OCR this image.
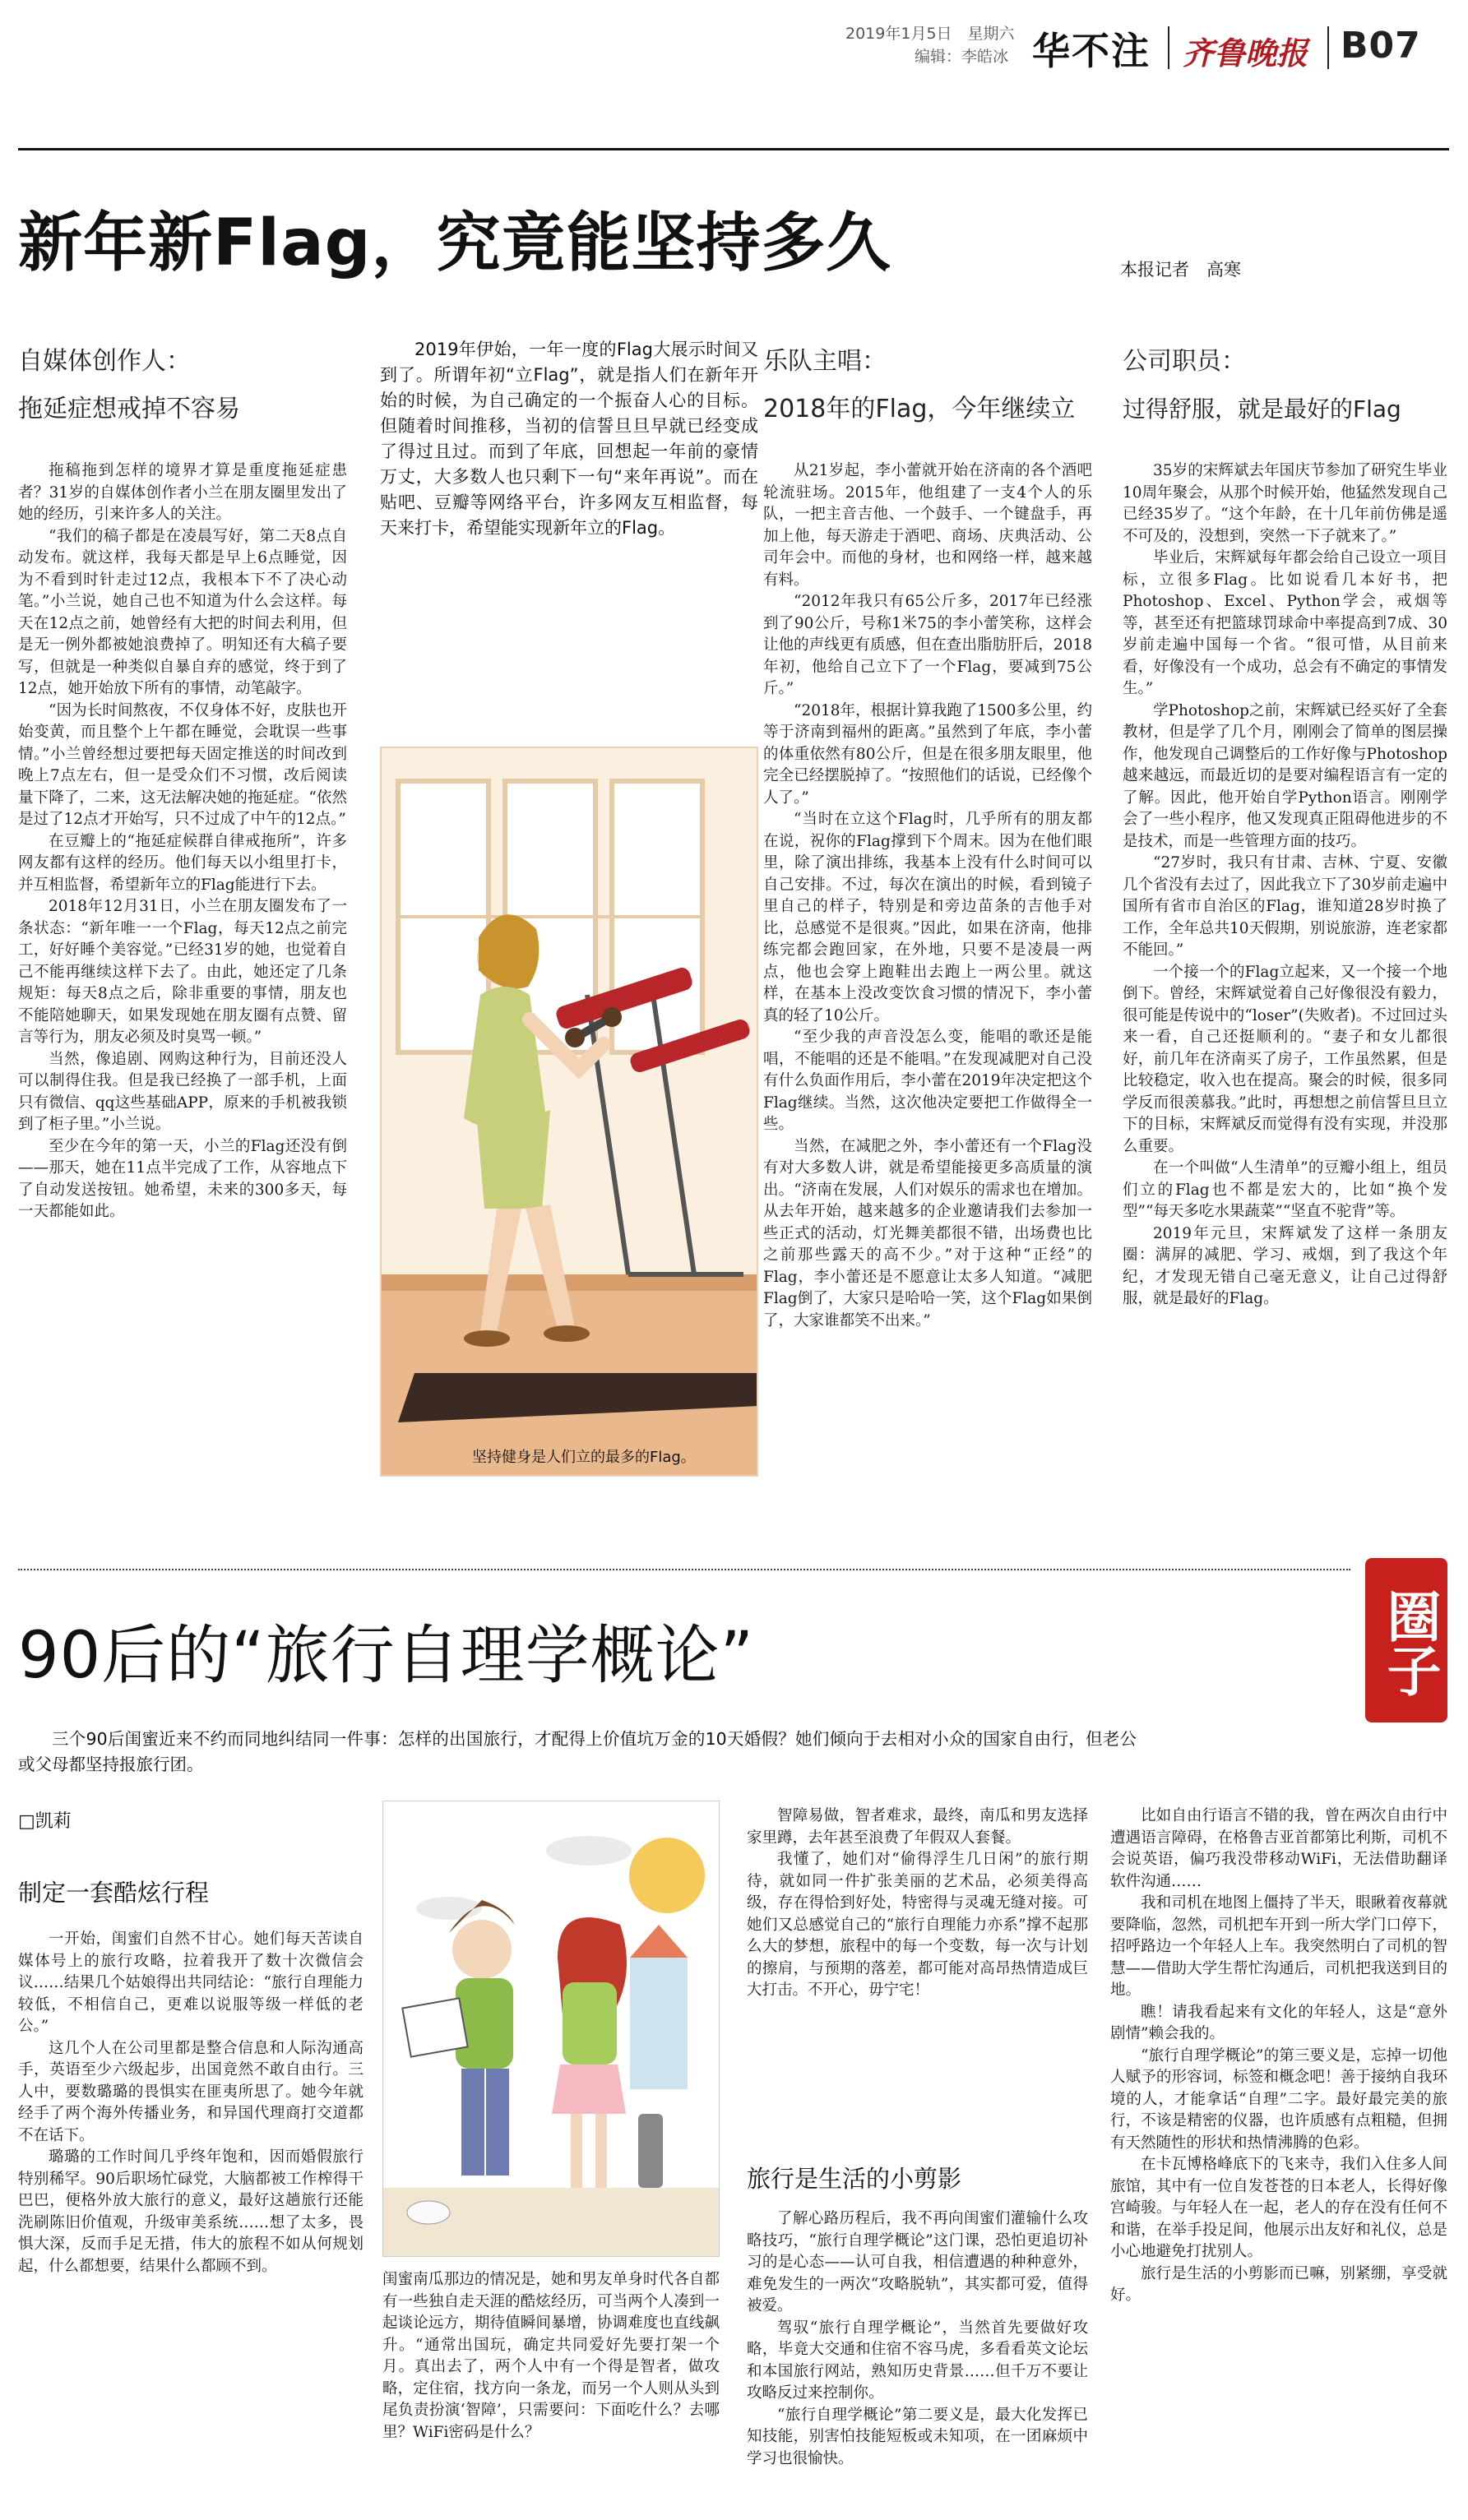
2019年1月5日　星期六
编辑：李皓冰 华不注 齐鲁晚报 B07
新年新Flag，究竟能坚持多久	本报记者　高寒
自媒体创作人：
拖延症想戒掉不容易

拖稿拖到怎样的境界才算是重度拖延症患者？31岁的自媒体创作者小兰在朋友圈里发出了她的经历，引来许多人的关注。

“我们的稿子都是在凌晨写好，第二天8点自动发布。就这样，我每天都是早上6点睡觉，因为不看到时针走过12点，我根本下不了决心动笔。”小兰说，她自己也不知道为什么会这样。每天在12点之前，她曾经有大把的时间去利用，但是无一例外都被她浪费掉了。明知还有大稿子要写，但就是一种类似自暴自弃的感觉，终于到了12点，她开始放下所有的事情，动笔敲字。

“因为长时间熬夜，不仅身体不好，皮肤也开始变黄，而且整个上午都在睡觉，会耽误一些事情。”小兰曾经想过要把每天固定推送的时间改到晚上7点左右，但一是受众们不习惯，改后阅读量下降了，二来，这无法解决她的拖延症。“依然是过了12点才开始写，只不过成了中午的12点。”

在豆瓣上的“拖延症候群自律戒拖所”，许多网友都有这样的经历。他们每天以小组里打卡，并互相监督，希望新年立的Flag能进行下去。

2018年12月31日，小兰在朋友圈发布了一条状态：“新年唯一一个Flag，每天12点之前完工，好好睡个美容觉。”已经31岁的她，也觉着自己不能再继续这样下去了。由此，她还定了几条规矩：每天8点之后，除非重要的事情，朋友也不能陪她聊天，如果发现她在朋友圈有点赞、留言等行为，朋友必须及时臭骂一顿。”

当然，像追剧、网购这种行为，目前还没人可以制得住我。但是我已经换了一部手机，上面只有微信、qq这些基础APP，原来的手机被我锁到了柜子里。”小兰说。

至少在今年的第一天，小兰的Flag还没有倒——那天，她在11点半完成了工作，从容地点下了自动发送按钮。她希望，未来的300多天，每一天都能如此。

2019年伊始，一年一度的Flag大展示时间又到了。所谓年初“立Flag”，就是指人们在新年开始的时候，为自己确定的一个振奋人心的目标。但随着时间推移，当初的信誓旦旦早就已经变成了得过且过。而到了年底，回想起一年前的豪情万丈，大多数人也只剩下一句“来年再说”。而在贴吧、豆瓣等网络平台，许多网友互相监督，每天来打卡，希望能实现新年立的Flag。

坚持健身是人们立的最多的Flag。
乐队主唱：
2018年的Flag，今年继续立

从21岁起，李小蕾就开始在济南的各个酒吧轮流驻场。2015年，他组建了一支4个人的乐队，一把主音吉他、一个鼓手、一个键盘手，再加上他，每天游走于酒吧、商场、庆典活动、公司年会中。而他的身材，也和网络一样，越来越有料。

“2012年我只有65公斤多，2017年已经涨到了90公斤，号称1米75的李小蕾笑称，这样会让他的声线更有质感，但在查出脂肪肝后，2018年初，他给自己立下了一个Flag，要减到75公斤。”

“2018年，根据计算我跑了1500多公里，约等于济南到福州的距离。”虽然到了年底，李小蕾的体重依然有80公斤，但是在很多朋友眼里，他完全已经摆脱掉了。“按照他们的话说，已经像个人了。”

“当时在立这个Flag时，几乎所有的朋友都在说，祝你的Flag撑到下个周末。因为在他们眼里，除了演出排练，我基本上没有什么时间可以自己安排。不过，每次在演出的时候，看到镜子里自己的样子，特别是和旁边苗条的吉他手对比，总感觉不是很爽。”因此，如果在济南，他排练完都会跑回家，在外地，只要不是凌晨一两点，他也会穿上跑鞋出去跑上一两公里。就这样，在基本上没改变饮食习惯的情况下，李小蕾真的轻了10公斤。

“至少我的声音没怎么变，能唱的歌还是能唱，不能唱的还是不能唱。”在发现减肥对自己没有什么负面作用后，李小蕾在2019年决定把这个Flag继续。当然，这次他决定要把工作做得全一些。

当然，在减肥之外，李小蕾还有一个Flag没有对大多数人讲，就是希望能接更多高质量的演出。“济南在发展，人们对娱乐的需求也在增加。从去年开始，越来越多的企业邀请我们去参加一些正式的活动，灯光舞美都很不错，出场费也比之前那些露天的高不少。”对于这种“正经”的Flag，李小蕾还是不愿意让太多人知道。“减肥Flag倒了，大家只是哈哈一笑，这个Flag如果倒了，大家谁都笑不出来。”

公司职员：
过得舒服，就是最好的Flag

35岁的宋辉斌去年国庆节参加了研究生毕业10周年聚会，从那个时候开始，他猛然发现自己已经35岁了。“这个年龄，在十几年前仿佛是遥不可及的，没想到，突然一下子就来了。”

毕业后，宋辉斌每年都会给自己设立一项目标，立很多Flag。比如说看几本好书，把Photoshop、Excel、Python学会，戒烟等等，甚至还有把篮球罚球命中率提高到7成、30岁前走遍中国每一个省。“很可惜，从目前来看，好像没有一个成功，总会有不确定的事情发生。”

学Photoshop之前，宋辉斌已经买好了全套教材，但是学了几个月，刚刚会了简单的图层操作，他发现自己调整后的工作好像与Photoshop越来越远，而最近切的是要对编程语言有一定的了解。因此，他开始自学Python语言。刚刚学会了一些小程序，他又发现真正阻碍他进步的不是技术，而是一些管理方面的技巧。

“27岁时，我只有甘肃、吉林、宁夏、安徽几个省没有去过了，因此我立下了30岁前走遍中国所有省市自治区的Flag，谁知道28岁时换了工作，全年总共10天假期，别说旅游，连老家都不能回。”

一个接一个的Flag立起来，又一个接一个地倒下。曾经，宋辉斌觉着自己好像很没有毅力，很可能是传说中的“loser”(失败者)。不过回过头来一看，自己还挺顺利的。“妻子和女儿都很好，前几年在济南买了房子，工作虽然累，但是比较稳定，收入也在提高。聚会的时候，很多同学反而很羡慕我。”此时，再想想之前信誓旦旦立下的目标，宋辉斌反而觉得有没有实现，并没那么重要。

在一个叫做“人生清单”的豆瓣小组上，组员们立的Flag也不都是宏大的，比如“换个发型”“每天多吃水果蔬菜”“坚直不驼背”等。

2019年元旦，宋辉斌发了这样一条朋友圈：满屏的减肥、学习、戒烟，到了我这个年纪，才发现无错自己毫无意义，让自己过得舒服，就是最好的Flag。

圈子
90后的“旅行自理学概论”
三个90后闺蜜近来不约而同地纠结同一件事：怎样的出国旅行，才配得上价值坑万金的10天婚假？她们倾向于去相对小众的国家自由行，但老公或父母都坚持报旅行团。
□凯莉
制定一套酷炫行程

一开始，闺蜜们自然不甘心。她们每天苦读自媒体号上的旅行攻略，拉着我开了数十次微信会议……结果几个姑娘得出共同结论：“旅行自理能力较低，不相信自己，更难以说服等级一样低的老公。”

这几个人在公司里都是整合信息和人际沟通高手，英语至少六级起步，出国竟然不敢自由行。三人中，要数璐璐的畏惧实在匪夷所思了。她今年就经手了两个海外传播业务，和异国代理商打交道都不在话下。

璐璐的工作时间几乎终年饱和，因而婚假旅行特别稀罕。90后职场忙碌党，大脑都被工作榨得干巴巴，便格外放大旅行的意义，最好这趟旅行还能洗刷陈旧价值观，升级审美系统……想了太多，畏惧大深，反而手足无措，伟大的旅程不如从何规划起，什么都想要，结果什么都顾不到。

闺蜜南瓜那边的情况是，她和男友单身时代各自都有一些独自走天涯的酷炫经历，可当两个人凑到一起谈论远方，期待值瞬间暴增，协调难度也直线飙升。“通常出国玩，确定共同爱好先要打架一个月。真出去了，两个人中有一个得是智者，做攻略，定住宿，找方向一条龙，而另一个人则从头到尾负责扮演‘智障’，只需要问：下面吃什么？去哪里？WiFi密码是什么？

智障易做，智者难求，最终，南瓜和男友选择家里蹲，去年甚至浪费了年假双人套餐。

我懂了，她们对“偷得浮生几日闲”的旅行期待，就如同一件扩张美丽的艺术品，必须美得高级，存在得恰到好处，特密得与灵魂无缝对接。可她们又总感觉自己的“旅行自理能力亦系”撑不起那么大的梦想，旅程中的每一个变数，每一次与计划的擦肩，与预期的落差，都可能对高昂热情造成巨大打击。不开心，毋宁宅！

旅行是生活的小剪影

了解心路历程后，我不再向闺蜜们灌输什么攻略技巧，“旅行自理学概论”这门课，恐怕更追切补习的是心态——认可自我，相信遭遇的种种意外，难免发生的一两次“攻略脱轨”，其实都可爱，值得被爱。

驾驭“旅行自理学概论”，当然首先要做好攻略，毕竟大交通和住宿不容马虎，多看看英文论坛和本国旅行网站，熟知历史背景……但千万不要让攻略反过来控制你。

“旅行自理学概论”第二要义是，最大化发挥已知技能，别害怕技能短板或未知项，在一团麻烦中学习也很愉快。

比如自由行语言不错的我，曾在两次自由行中遭遇语言障碍，在格鲁吉亚首都第比利斯，司机不会说英语，偏巧我没带移动WiFi，无法借助翻译软件沟通……

我和司机在地图上僵持了半天，眼瞅着夜幕就要降临，忽然，司机把车开到一所大学门口停下，招呼路边一个年轻人上车。我突然明白了司机的智慧——借助大学生帮忙沟通后，司机把我送到目的地。

瞧！请我看起来有文化的年轻人，这是“意外剧情”赖会我的。

“旅行自理学概论”的第三要义是，忘掉一切他人赋予的形容词，标签和概念吧！善于接纳自我环境的人，才能拿话“自理”二字。最好最完美的旅行，不该是精密的仪器，也许质感有点粗糙，但拥有天然随性的形状和热情沸腾的色彩。

在卡瓦博格峰底下的飞来寺，我们入住多人间旅馆，其中有一位自发苍苍的日本老人，长得好像宫崎骏。与年轻人在一起，老人的存在没有任何不和谐，在举手投足间，他展示出友好和礼仪，总是小心地避免打扰别人。

旅行是生活的小剪影而已嘛，别紧绷，享受就好。
